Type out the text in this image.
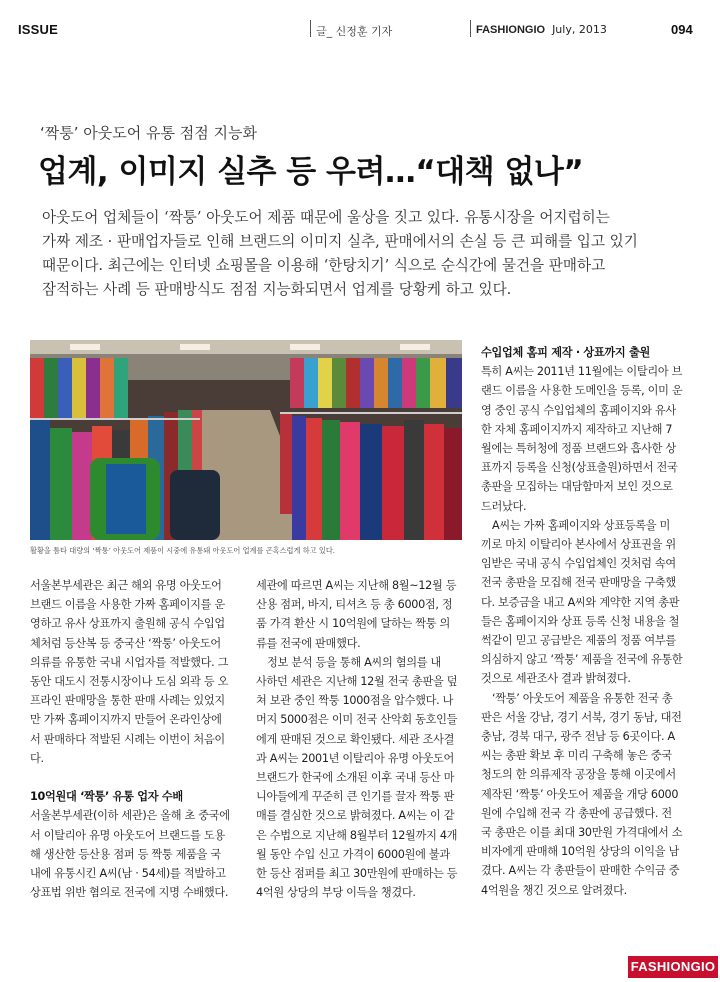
ISSUE	글_ 신정훈 기자	FASHIONGIO July, 2013	094
‘짝퉁’ 아웃도어 유통 점점 지능화
업계, 이미지 실추 등 우려…“대책 없나”

아웃도어 업체들이 ‘짝퉁’ 아웃도어 제품 때문에 울상을 짓고 있다. 유통시장을 어지럽히는

가짜 제조 · 판매업자들로 인해 브랜드의 이미지 실추, 판매에서의 손실 등 큰 피해를 입고 있기

때문이다. 최근에는 인터넷 쇼핑몰을 이용해 ‘한탕치기’ 식으로 순식간에 물건을 판매하고

잠적하는 사례 등 판매방식도 점점 지능화되면서 업계를 당황케 하고 있다.

활황을 틈타 대량의 ‘짝퉁’ 아웃도어 제품이 시중에 유통돼 아웃도어 업계를 곤혹스럽게 하고 있다.

서울본부세관은 최근 해외 유명 아웃도어

브랜드 이름을 사용한 가짜 홈페이지를 운

영하고 유사 상표까지 출원해 공식 수입업

체처럼 등산복 등 중국산 ‘짝퉁’ 아웃도어

의류를 유통한 국내 시업자를 적발했다. 그

동안 대도시 전통시장이나 도심 외곽 등 오

프라인 판매망을 통한 판매 사례는 있었지

만 가짜 홈페이지까지 만들어 온라인상에

서 판매하다 적발된 시례는 이번이 처음이

다.

10억원대 ‘짝퉁’ 유통 업자 수배

서울본부세관(이하 세관)은 올해 초 중국에

서 이탈리아 유명 아웃도어 브랜드를 도용

해 생산한 등산용 점퍼 등 짝퉁 제품을 국

내에 유통시킨 A씨(남 · 54세)를 적발하고

상표법 위반 혐의로 전국에 지명 수배했다.

세관에 따르면 A씨는 지난해 8월~12월 등

산용 점퍼, 바지, 티셔츠 등 총 6000점, 정

품 가격 환산 시 10억원에 달하는 짝퉁 의

류를 전국에 판매했다.

정보 분석 등을 통해 A씨의 혐의를 내

사하던 세관은 지난해 12월 전국 총판을 덮

쳐 보관 중인 짝퉁 1000점을 압수했다. 나

머지 5000점은 이미 전국 산악회 동호인들

에게 판매된 것으로 확인됐다. 세관 조사결

과 A씨는 2001년 이탈리아 유명 아웃도어

브랜드가 한국에 소개된 이후 국내 등산 마

니아들에게 꾸준히 큰 인기를 끌자 짝퉁 판

매를 결심한 것으로 밝혀졌다. A씨는 이 같

은 수법으로 지난해 8월부터 12월까지 4개

월 동안 수입 신고 가격이 6000원에 불과

한 등산 점퍼를 최고 30만원에 판매하는 등

4억원 상당의 부당 이득을 챙겼다.

수입업체 홈피 제작 · 상표까지 출원

특히 A씨는 2011년 11월에는 이탈리아 브

랜드 이름을 사용한 도메인을 등록, 이미 운

영 중인 공식 수입업체의 홈페이지와 유사

한 자체 홈페이지까지 제작하고 지난해 7

월에는 특허청에 정품 브랜드와 흡사한 상

표까지 등록을 신청(상표출원)하면서 전국

총판을 모집하는 대담함마저 보인 것으로

드러났다.

A씨는 가짜 홈페이지와 상표등록을 미

끼로 마치 이탈리아 본사에서 상표권을 위

임받은 국내 공식 수입업체인 것처럼 속여

전국 총판을 모집해 전국 판매망을 구축했

다. 보증금을 내고 A씨와 계약한 지역 총판

들은 홈페이지와 상표 등록 신청 내용을 철

썩같이 믿고 공급받은 제품의 정품 여부를

의심하지 않고 ‘짝퉁’ 제품을 전국에 유통한

것으로 세관조사 결과 밝혀졌다.

‘짝퉁’ 아웃도어 제품을 유통한 전국 총

판은 서울 강남, 경기 서북, 경기 동남, 대전

충남, 경북 대구, 광주 전남 등 6곳이다. A

씨는 총판 확보 후 미리 구축해 놓은 중국

청도의 한 의류제작 공장을 통해 이곳에서

제작된 ‘짝퉁’ 아웃도어 제품을 개당 6000

원에 수입해 전국 각 총판에 공급했다. 전

국 총판은 이를 최대 30만원 가격대에서 소

비자에게 판매해 10억원 상당의 이익을 남

겼다. A씨는 각 총판들이 판매한 수익금 중

4억원을 챙긴 것으로 알려졌다.

FASHIONGIO
